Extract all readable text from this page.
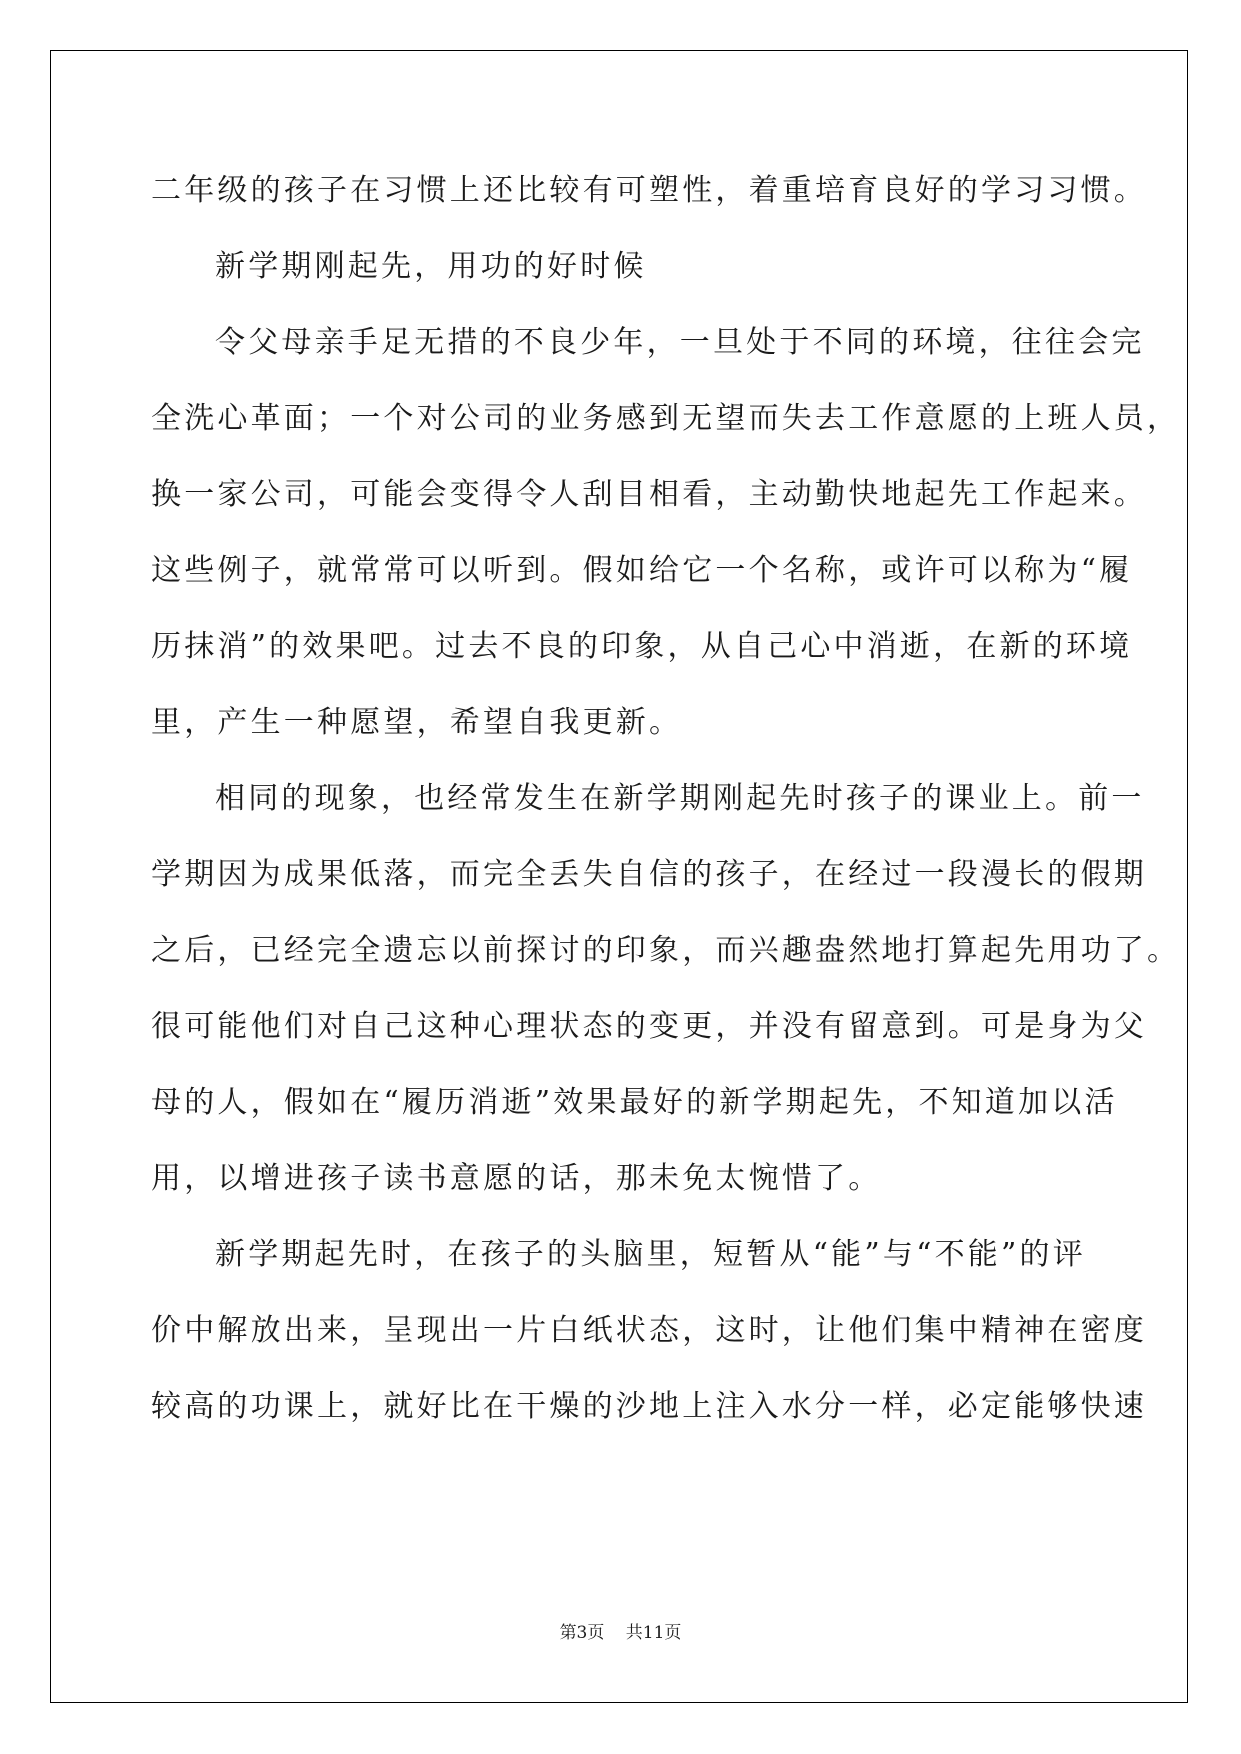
二年级的孩子在习惯上还比较有可塑性，着重培育良好的学习习惯。
新学期刚起先，用功的好时候
令父母亲手足无措的不良少年，一旦处于不同的环境，往往会完
全洗心革面；一个对公司的业务感到无望而失去工作意愿的上班人员，
换一家公司，可能会变得令人刮目相看，主动勤快地起先工作起来。
这些例子，就常常可以听到。假如给它一个名称，或许可以称为“履
历抹消”的效果吧。过去不良的印象，从自己心中消逝，在新的环境
里，产生一种愿望，希望自我更新。
相同的现象，也经常发生在新学期刚起先时孩子的课业上。前一
学期因为成果低落，而完全丢失自信的孩子，在经过一段漫长的假期
之后，已经完全遗忘以前探讨的印象，而兴趣盎然地打算起先用功了。
很可能他们对自己这种心理状态的变更，并没有留意到。可是身为父
母的人，假如在“履历消逝”效果最好的新学期起先，不知道加以活
用，以增进孩子读书意愿的话，那未免太惋惜了。
新学期起先时，在孩子的头脑里，短暂从“能”与“不能”的评
价中解放出来，呈现出一片白纸状态，这时，让他们集中精神在密度
较高的功课上，就好比在干燥的沙地上注入水分一样，必定能够快速
第3页 共11页
